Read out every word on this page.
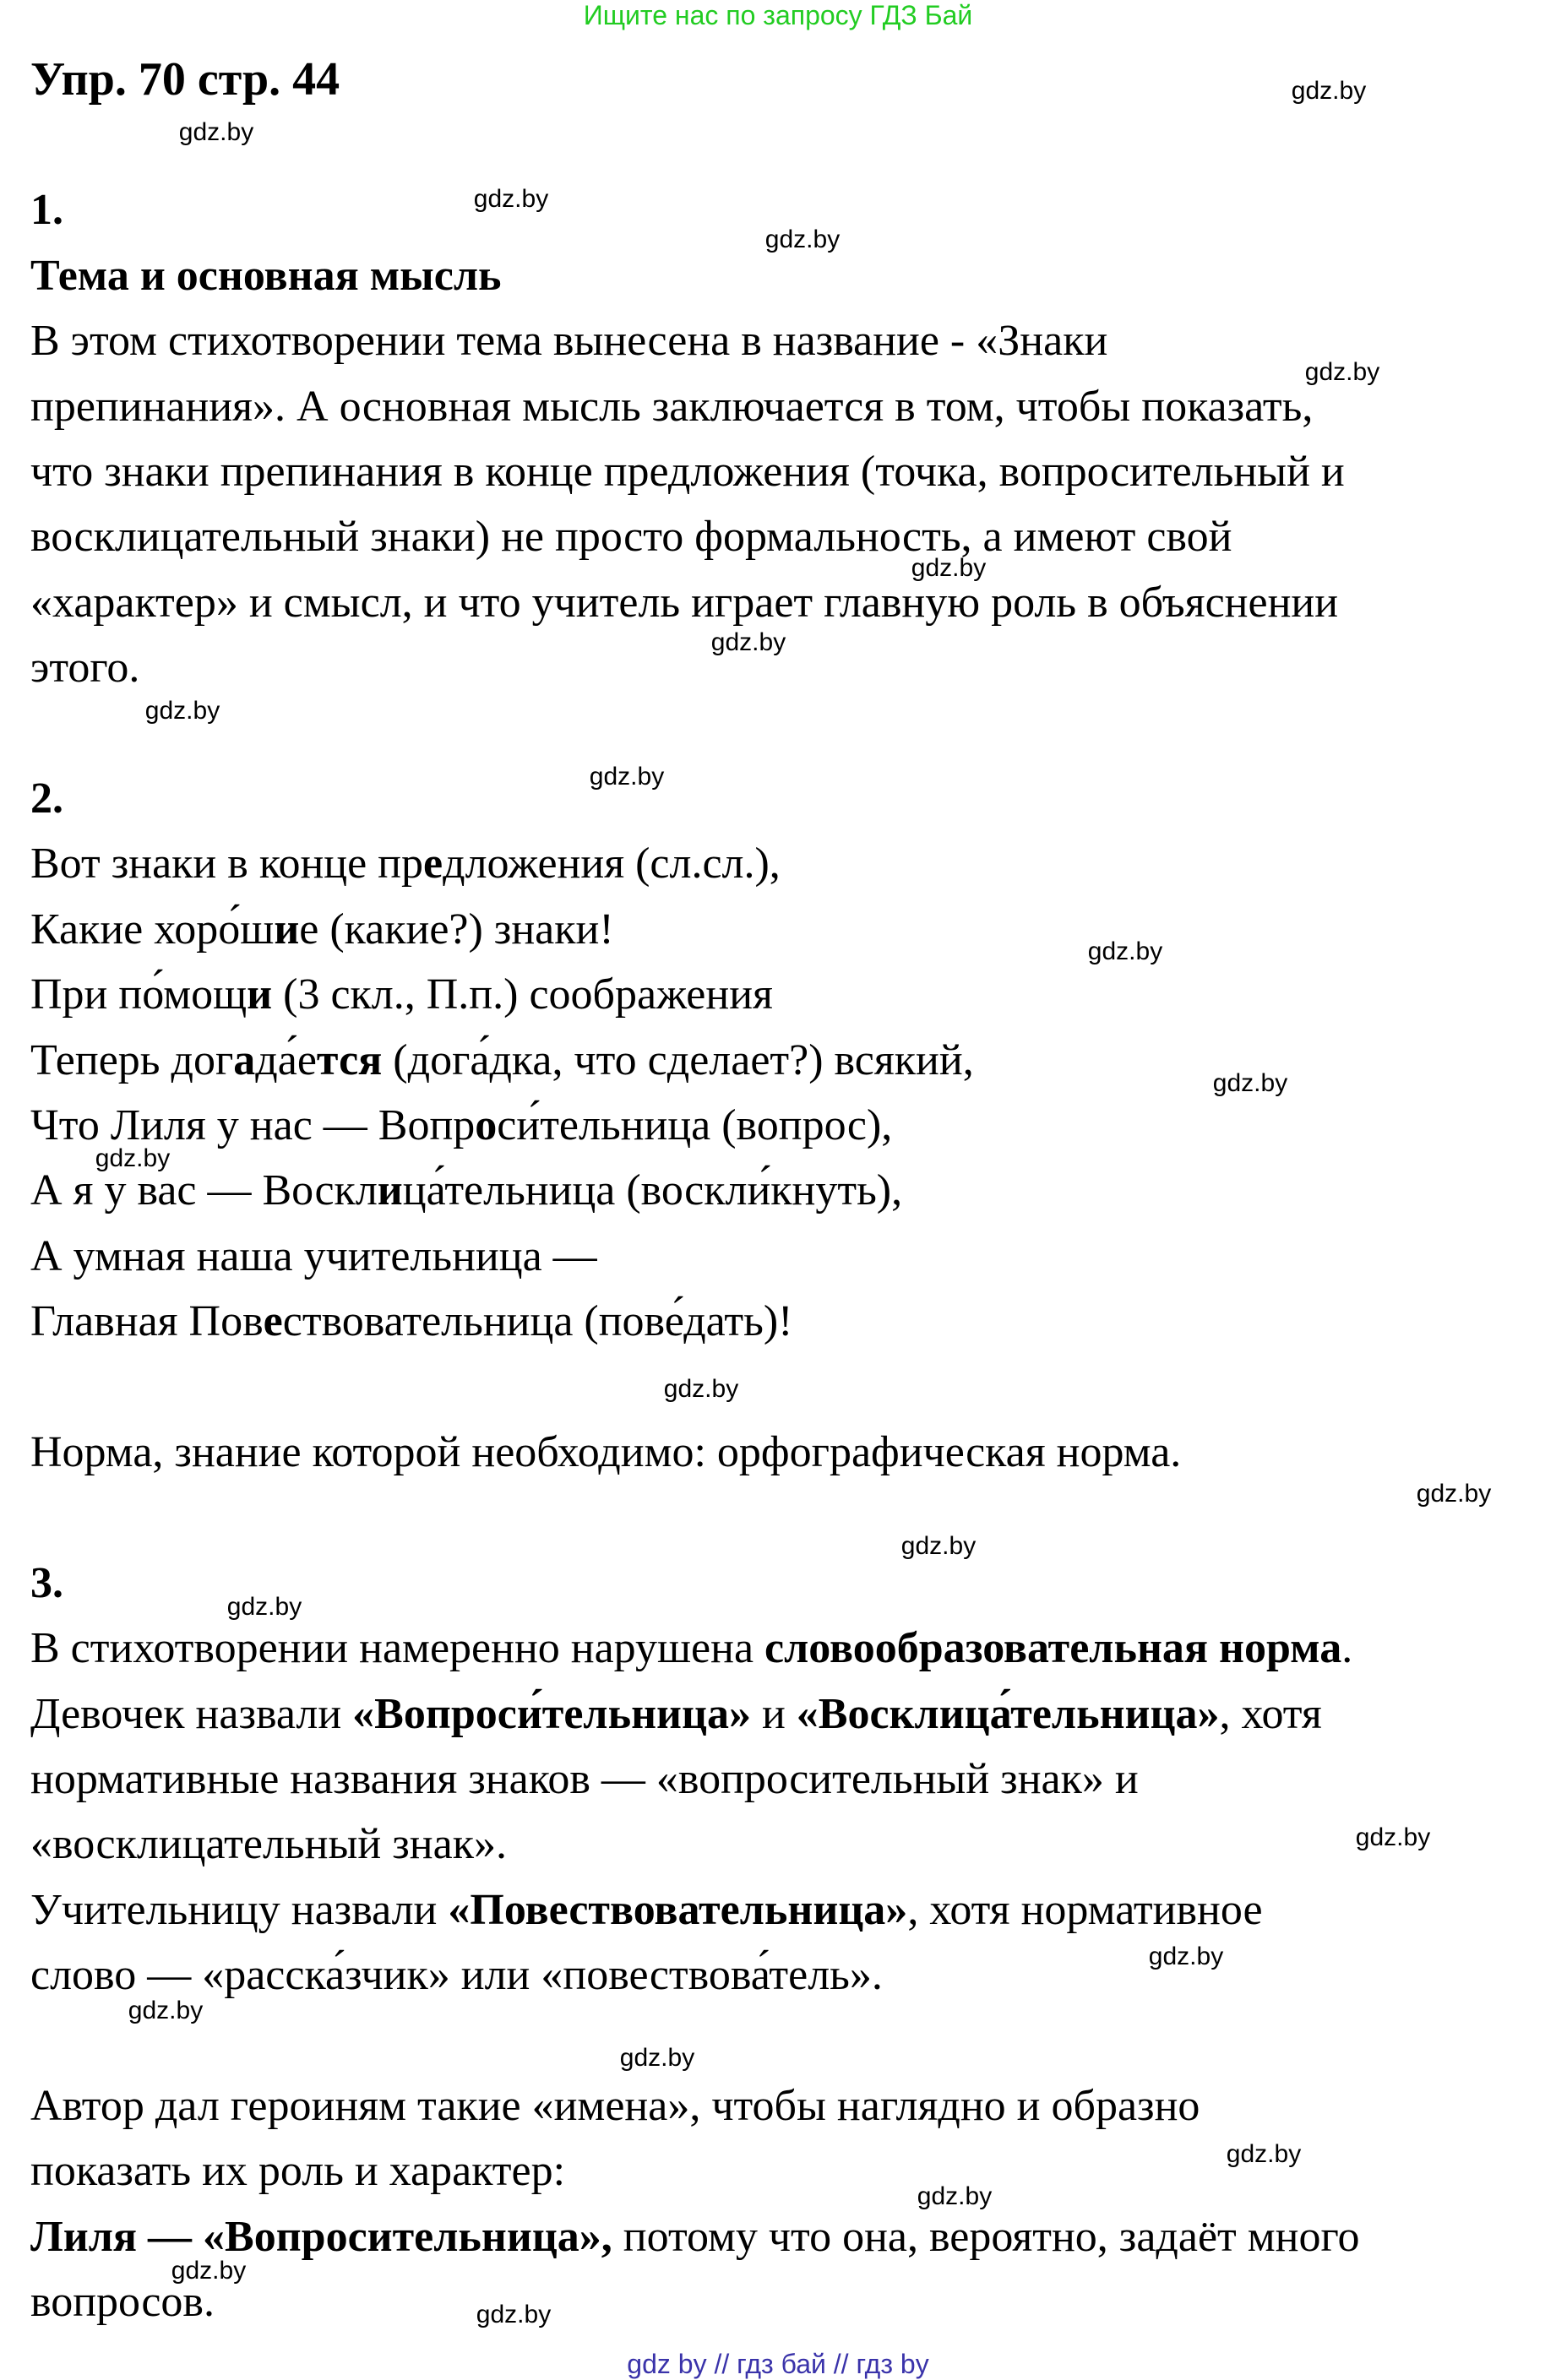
Ищите нас по запросу ГДЗ Бай
Упр. 70 стр. 44
1.
Тема и основная мысль
В этом стихотворении тема вынесена в название - «Знаки
препинания». А основная мысль заключается в том, чтобы показать,
что знаки препинания в конце предложения (точка, вопросительный и
восклицательный знаки) не просто формальность, а имеют свой
«характер» и смысл, и что учитель играет главную роль в объяснении
этого.
2.
Вот знаки в конце предложения (сл.сл.),
Какие хоро́шие (какие?) знаки!
При по́мощи (3 скл., П.п.) соображения
Теперь догада́ется (дога́дка, что сделает?) всякий,
Что Лиля у нас — Вопроси́тельница (вопрос),
А я у вас — Восклица́тельница (воскли́кнуть),
А умная наша учительница —
Главная Повествовательница (пове́дать)!
Норма, знание которой необходимо: орфографическая норма.
3.
В стихотворении намеренно нарушена словообразовательная норма.
Девочек назвали «Вопроси́тельница» и «Восклица́тельница», хотя
нормативные названия знаков — «вопросительный знак» и
«восклицательный знак».
Учительницу назвали «Повествовательница», хотя нормативное
слово — «расска́зчик» или «повествова́тель».
Автор дал героиням такие «имена», чтобы наглядно и образно
показать их роль и характер:
Лиля — «Вопросительница», потому что она, вероятно, задаёт много
вопросов.
gdz.by
gdz.by
gdz.by
gdz.by
gdz.by
gdz.by
gdz.by
gdz.by
gdz.by
gdz.by
gdz.by
gdz.by
gdz.by
gdz.by
gdz.by
gdz.by
gdz.by
gdz.by
gdz.by
gdz.by
gdz.by
gdz.by
gdz.by
gdz.by
gdz by // гдз бай // гдз by
